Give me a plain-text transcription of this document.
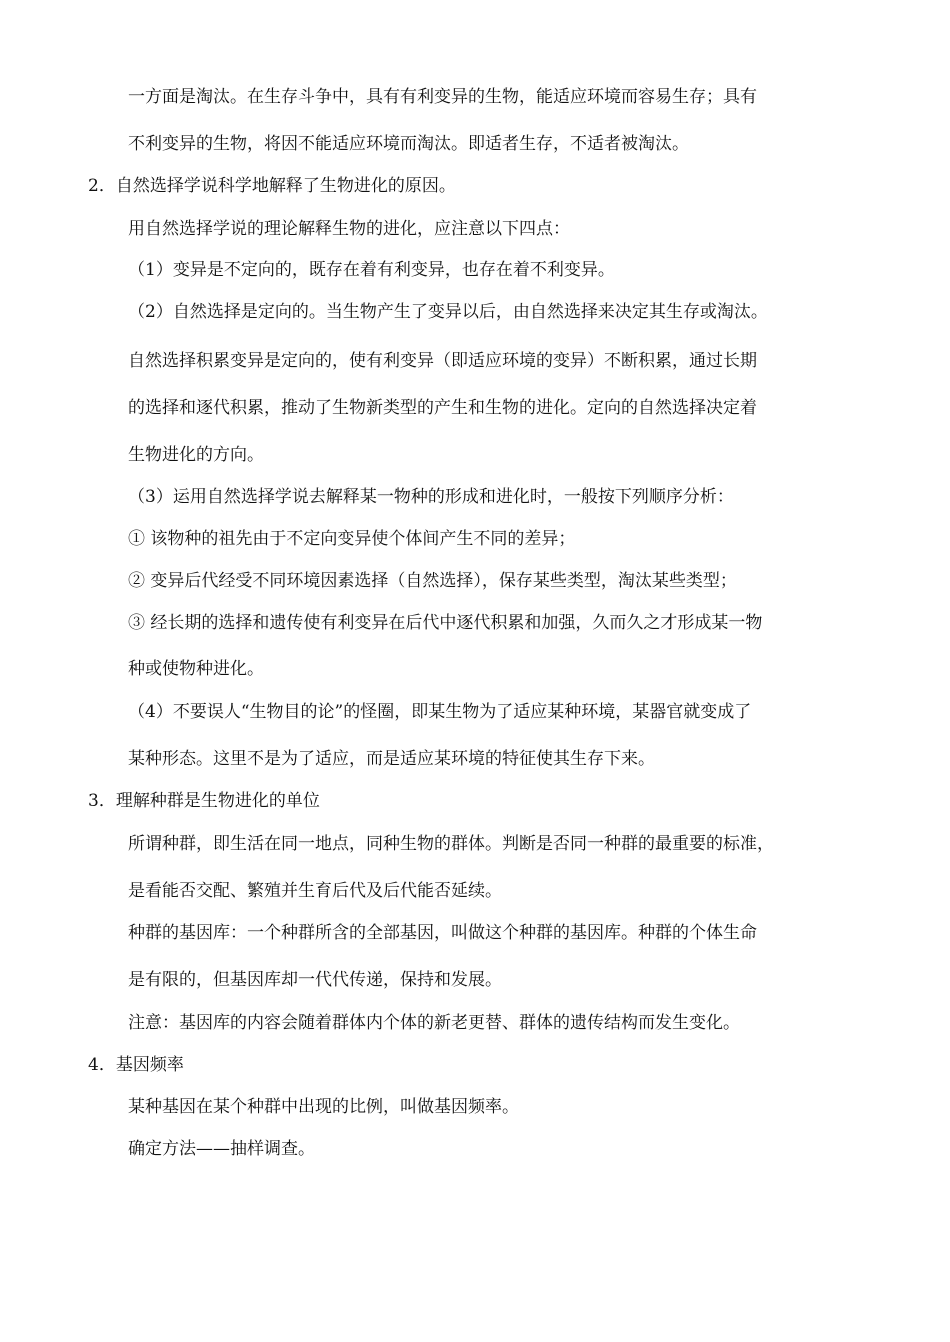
一方面是淘汰。在生存斗争中，具有有利变异的生物，能适应环境而容易生存；具有
不利变异的生物，将因不能适应环境而淘汰。即适者生存，不适者被淘汰。
2．自然选择学说科学地解释了生物进化的原因。
用自然选择学说的理论解释生物的进化，应注意以下四点：
（1）变异是不定向的，既存在着有利变异，也存在着不利变异。
（2）自然选择是定向的。当生物产生了变异以后，由自然选择来决定其生存或淘汰。
自然选择积累变异是定向的，使有利变异（即适应环境的变异）不断积累，通过长期
的选择和逐代积累，推动了生物新类型的产生和生物的进化。定向的自然选择决定着
生物进化的方向。
（3）运用自然选择学说去解释某一物种的形成和进化时，一般按下列顺序分析：
① 该物种的祖先由于不定向变异使个体间产生不同的差异；
② 变异后代经受不同环境因素选择（自然选择），保存某些类型，淘汰某些类型；
③ 经长期的选择和遗传使有利变异在后代中逐代积累和加强，久而久之才形成某一物
种或使物种进化。
（4）不要误人“生物目的论”的怪圈，即某生物为了适应某种环境，某器官就变成了
某种形态。这里不是为了适应，而是适应某环境的特征使其生存下来。
3．理解种群是生物进化的单位
所谓种群，即生活在同一地点，同种生物的群体。判断是否同一种群的最重要的标准，
是看能否交配、繁殖并生育后代及后代能否延续。
种群的基因库：一个种群所含的全部基因，叫做这个种群的基因库。种群的个体生命
是有限的，但基因库却一代代传递，保持和发展。
注意：基因库的内容会随着群体内个体的新老更替、群体的遗传结构而发生变化。
4．基因频率
某种基因在某个种群中出现的比例，叫做基因频率。
确定方法——抽样调查。
